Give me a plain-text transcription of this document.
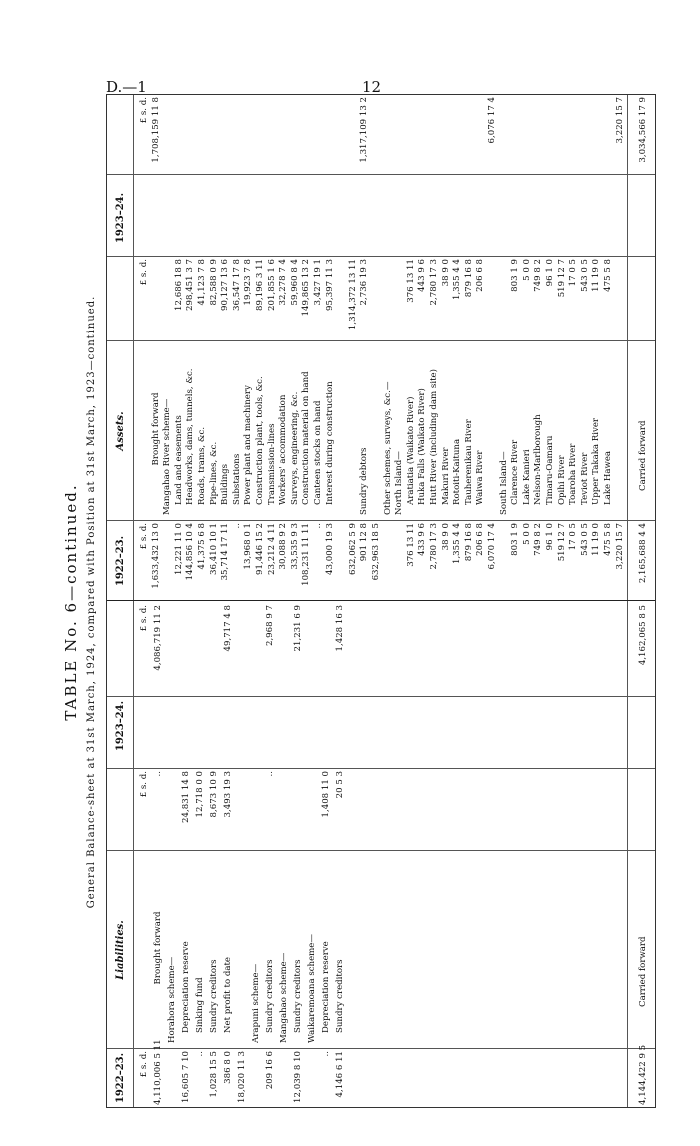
D.—1	12
TABLE No. 6—continued. General Balance-sheet at 31st March, 1924, compared with Position at 31st March, 1923—continued.
1922–23.
Liabilities.
1923–24.
£ s. d.
£ s. d.
£ s. d.
4,110,006 5 11
Brought forward
..
4,086,719 11 2
Horahora scheme—
16,605 7 10
Depreciation reserve
24,831 14 8
..
Sinking fund
12,718 0 0
1,028 15 5
Sundry creditors
8,673 10 9
386 8 0
Net profit to date
3,493 19 3
49,717 4 8
18,020 11 3
Arapuni scheme—
209 16 6
Sundry creditors
..
2,968 9 7
Mangahao scheme—
12,039 8 10
Sundry creditors
21,231 6 9
Waikaremoana scheme—
..
Depreciation reserve
1,408 11 0
4,146 6 11
Sundry creditors
20 5 3
1,428 16 3
4,144,422 9 5
Carried forward
4,162,065 8 5
1922–23.
Assets.
1923–24.
£ s. d.
£ s. d.
£ s. d.
1,633,432 13 0
Brought forward
1,708,159 11 8
Mangahao River scheme—
12,221 11 0
Land and easements
12,686 18 8
144,856 10 4
Headworks, dams, tunnels, &c.
298,451 3 7
41,375 6 8
Roads, trams, &c.
41,123 7 8
36,410 10 1
Pipe-lines, &c.
82,588 0 9
35,714 17 11
Buildings
90,127 13 6
..
Substations
36,547 17 8
13,968 0 1
Power plant and machinery
19,923 7 8
91,446 15 2
Construction plant, tools, &c.
89,196 3 11
23,212 4 11
Transmission-lines
201,855 1 6
30,088 9 2
Workers' accommodation
32,278 7 4
33,535 9 3
Surveys, engineering, &c.
59,960 8 4
108,231 11 11
Construction material on hand
149,865 13 2
..
Canteen stocks on hand
3,427 19 1
43,000 19 3
Interest during construction
95,397 11 3
632,062 5 9
1,314,372 13 11
901 12 8
Sundry debtors
2,736 19 3
1,317,109 13 2
632,963 18 5
Other schemes, surveys, &c.— North Island—
376 13 11
Aratiatia (Waikato River)
376 13 11
433 9 6
Huka Falls (Waikato River)
443 9 6
2,780 17 3
Hutt River (including dam site)
2,780 17 3
38 9 0
Makuri River
38 9 0
1,355 4 4
Rotoiti-Kaituna
1,355 4 4
879 16 8
Tauherenikau River
879 16 8
206 6 8
Waiwa River
206 6 8
6,070 17 4
6,076 17 4
South Island—
803 1 9
Clarence River
803 1 9
5 0 0
Lake Kanieri
5 0 0
749 8 2
Nelson-Marlborough
749 8 2
96 1 0
Timaru-Oamaru
96 1 0
519 12 7
Opihi River
519 12 7
17 0 5
Toaroha River
17 0 5
543 0 5
Teviot River
543 0 5
11 19 0
Upper Takaka River
11 19 0
475 5 8
Lake Hawea
475 5 8
3,220 15 7
3,220 15 7
2,165,688 4 4
Carried forward
3,034,566 17 9
